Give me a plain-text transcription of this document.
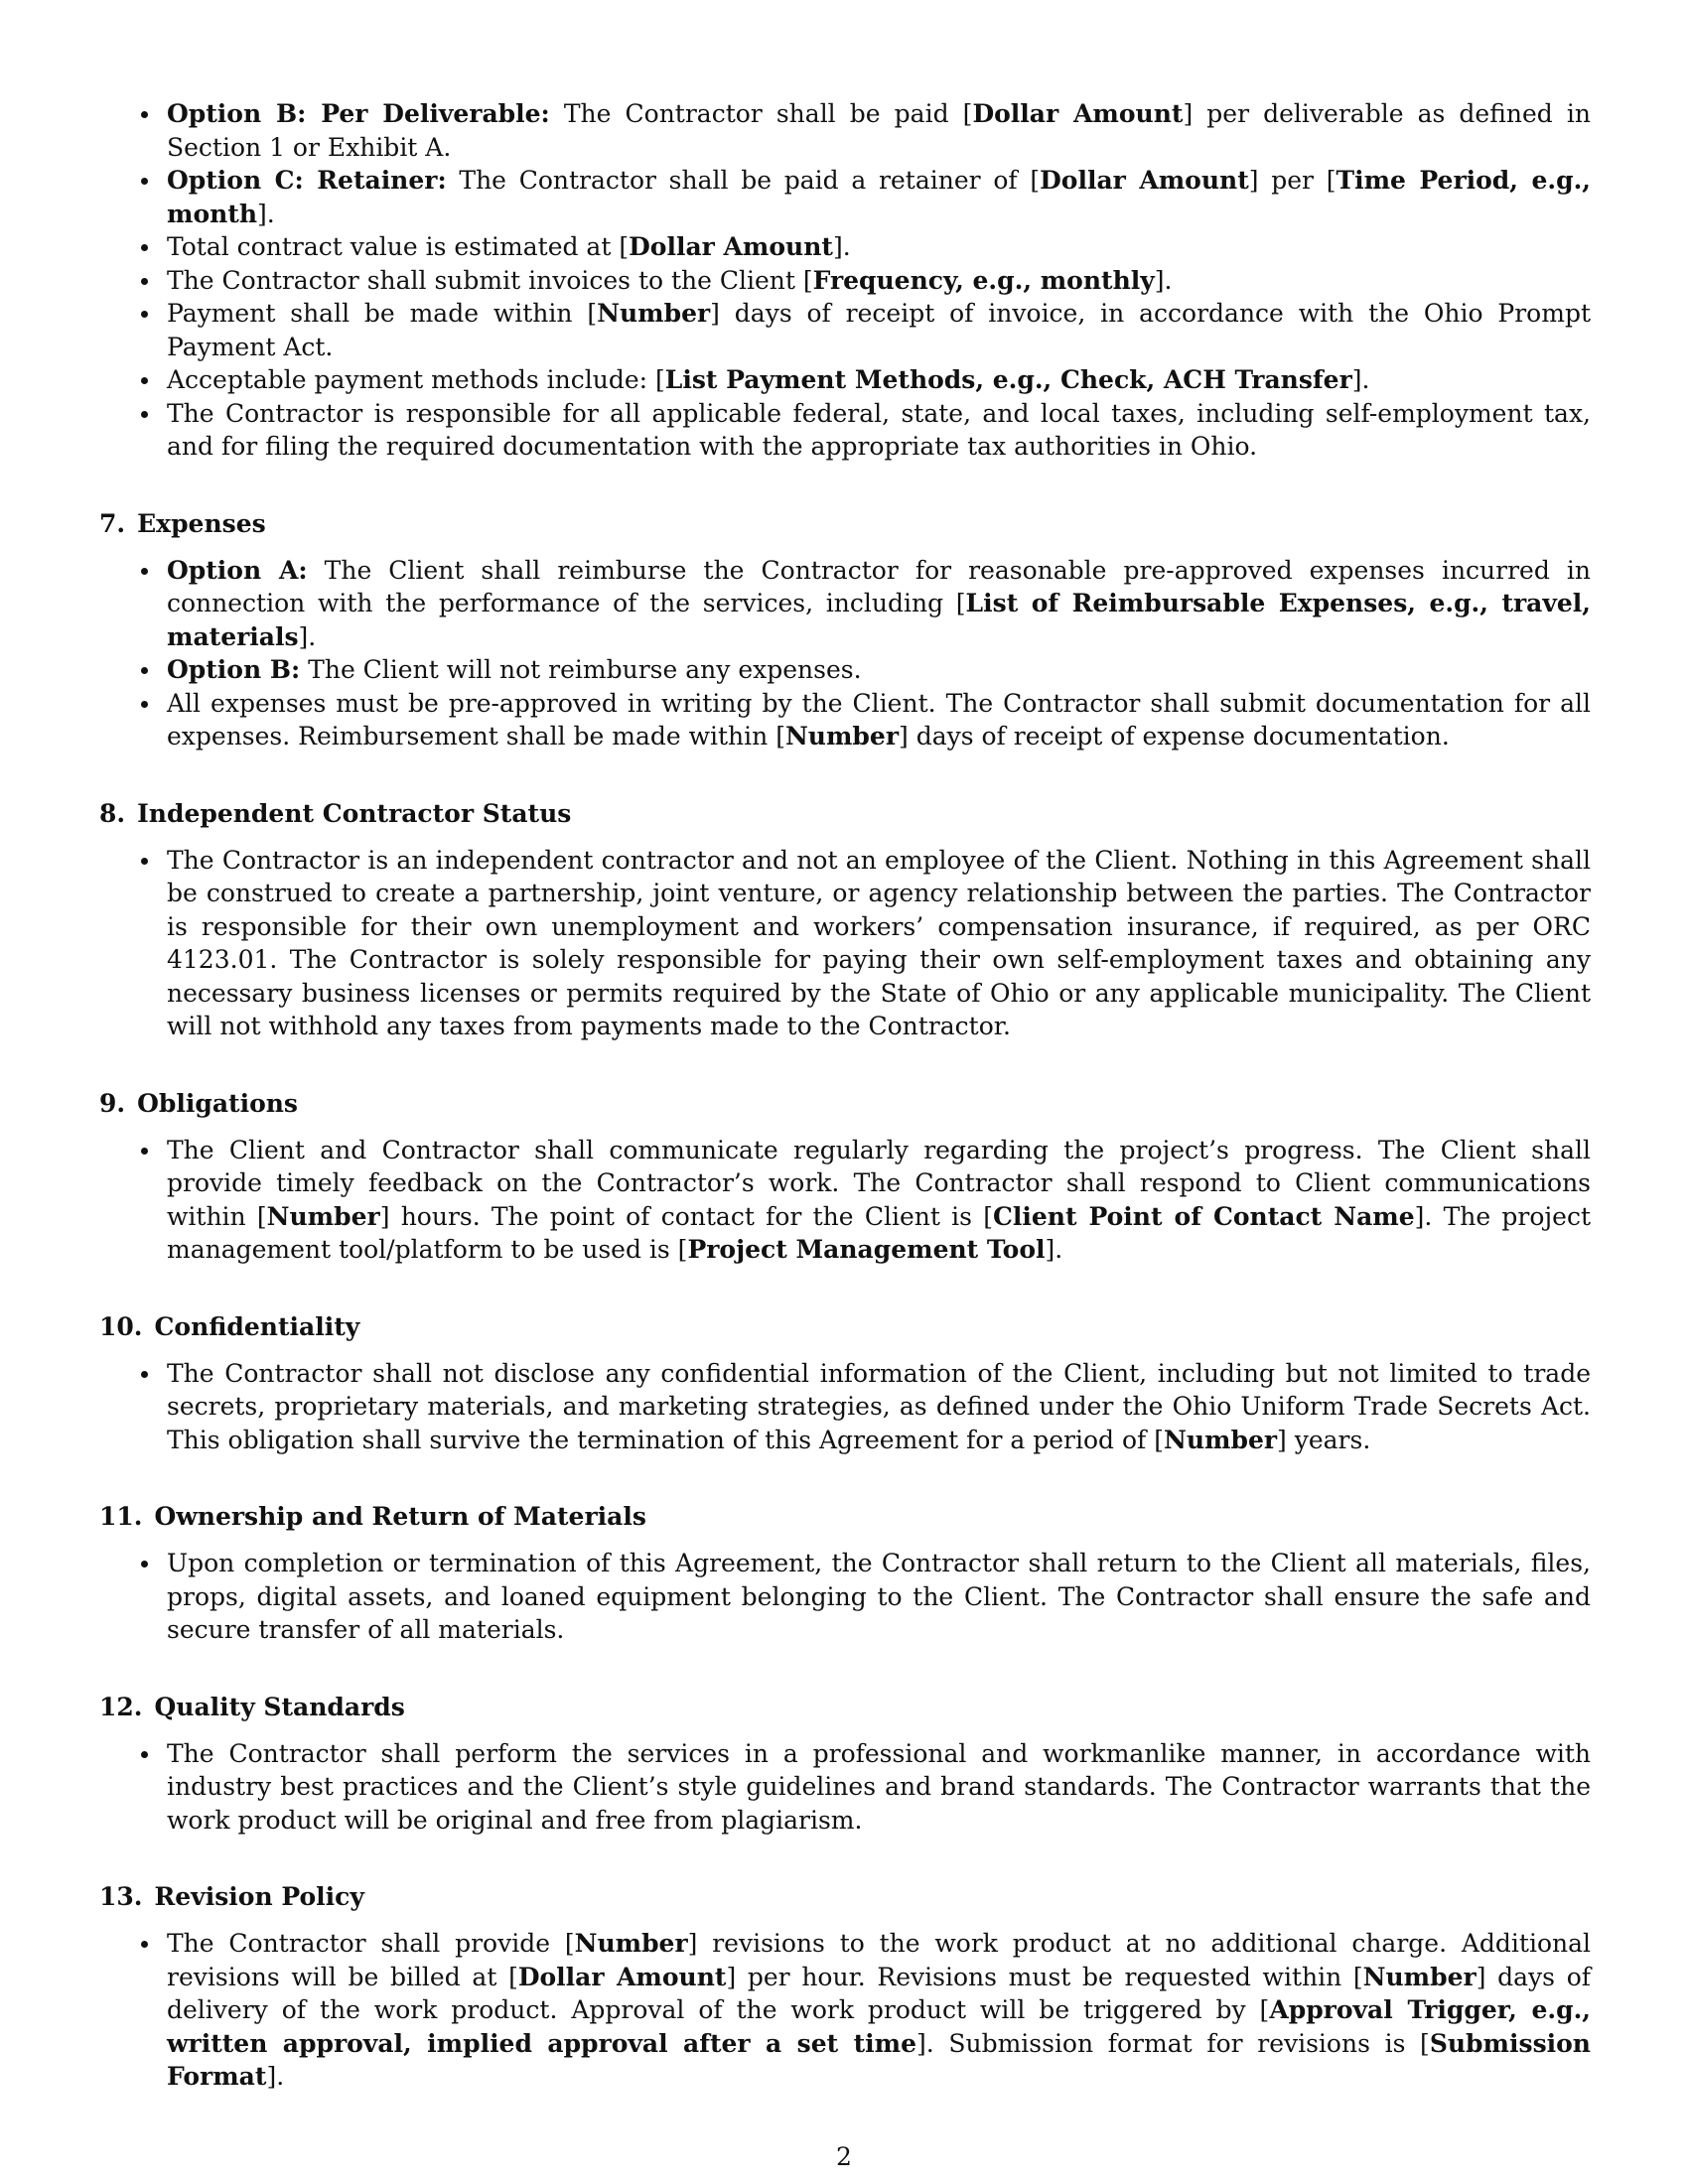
Option B: Per Deliverable: The Contractor shall be paid [Dollar Amount] per deliverable as defined in Section 1 or Exhibit A.
Option C: Retainer: The Contractor shall be paid a retainer of [Dollar Amount] per [Time Period, e.g., month].
Total contract value is estimated at [Dollar Amount].
The Contractor shall submit invoices to the Client [Frequency, e.g., monthly].
Payment shall be made within [Number] days of receipt of invoice, in accordance with the Ohio Prompt Payment Act.
Acceptable payment methods include: [List Payment Methods, e.g., Check, ACH Transfer].
The Contractor is responsible for all applicable federal, state, and local taxes, including self-employment tax, and for filing the required documentation with the appropriate tax authorities in Ohio.
7. Expenses
Option A: The Client shall reimburse the Contractor for reasonable pre-approved expenses incurred in connection with the performance of the services, including [List of Reimbursable Expenses, e.g., travel, materials].
Option B: The Client will not reimburse any expenses.
All expenses must be pre-approved in writing by the Client. The Contractor shall submit documentation for all expenses. Reimbursement shall be made within [Number] days of receipt of expense documentation.
8. Independent Contractor Status
The Contractor is an independent contractor and not an employee of the Client. Nothing in this Agreement shall be construed to create a partnership, joint venture, or agency relationship between the parties. The Contractor is responsible for their own unemployment and workers’ compensation insurance, if required, as per ORC 4123.01. The Contractor is solely responsible for paying their own self-employment taxes and obtaining any necessary business licenses or permits required by the State of Ohio or any applicable municipality. The Client will not withhold any taxes from payments made to the Contractor.
9. Obligations
The Client and Contractor shall communicate regularly regarding the project’s progress. The Client shall provide timely feedback on the Contractor’s work. The Contractor shall respond to Client communications within [Number] hours. The point of contact for the Client is [Client Point of Contact Name]. The project management tool/platform to be used is [Project Management Tool].
10. Confidentiality
The Contractor shall not disclose any confidential information of the Client, including but not limited to trade secrets, proprietary materials, and marketing strategies, as defined under the Ohio Uniform Trade Secrets Act. This obligation shall survive the termination of this Agreement for a period of [Number] years.
11. Ownership and Return of Materials
Upon completion or termination of this Agreement, the Contractor shall return to the Client all materials, files, props, digital assets, and loaned equipment belonging to the Client. The Contractor shall ensure the safe and secure transfer of all materials.
12. Quality Standards
The Contractor shall perform the services in a professional and workmanlike manner, in accordance with industry best practices and the Client’s style guidelines and brand standards. The Contractor warrants that the work product will be original and free from plagiarism.
13. Revision Policy
The Contractor shall provide [Number] revisions to the work product at no additional charge. Additional revisions will be billed at [Dollar Amount] per hour. Revisions must be requested within [Number] days of delivery of the work product. Approval of the work product will be triggered by [Approval Trigger, e.g., written approval, implied approval after a set time]. Submission format for revisions is [Submission Format].
2
